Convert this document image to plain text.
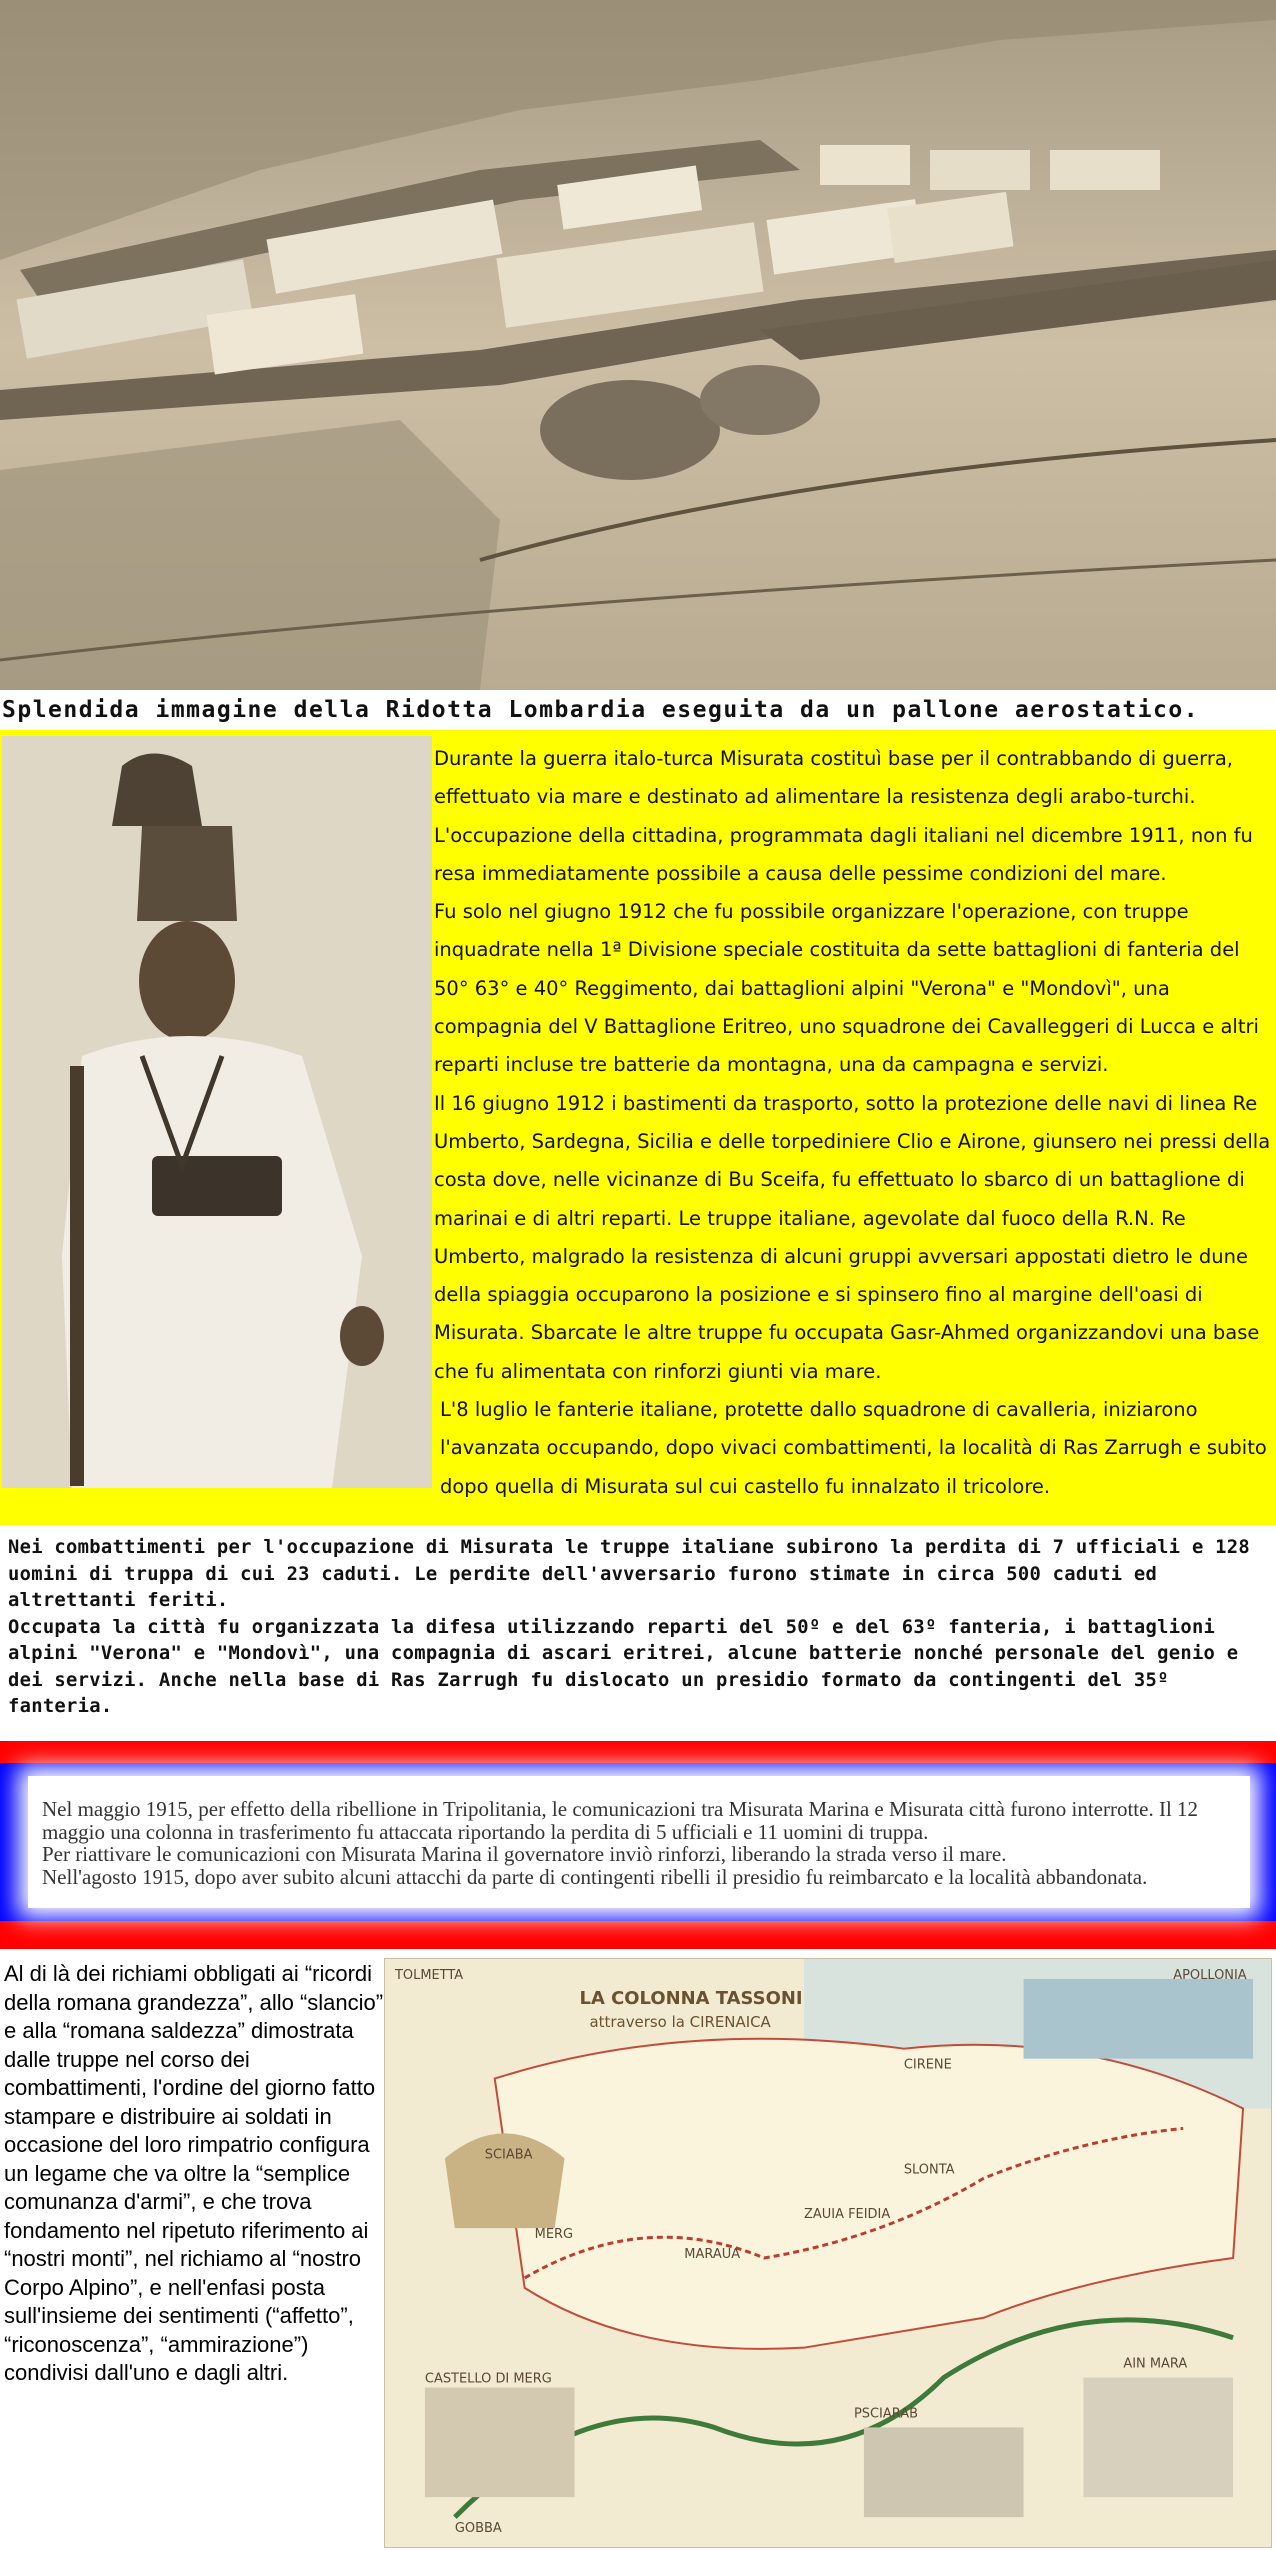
Splendida immagine della Ridotta Lombardia eseguita da un pallone aerostatico.

Durante la guerra italo-turca Misurata costituì base per il contrabbando di guerra, effettuato via mare e destinato ad alimentare la resistenza degli arabo-turchi.

L'occupazione della cittadina, programmata dagli italiani nel dicembre 1911, non fu resa immediatamente possibile a causa delle pessime condizioni del mare.

Fu solo nel giugno 1912 che fu possibile organizzare l'operazione, con truppe inquadrate nella 1ª Divisione speciale costituita da sette battaglioni di fanteria del 50° 63° e 40° Reggimento, dai battaglioni alpini "Verona" e "Mondovì", una compagnia del V Battaglione Eritreo, uno squadrone dei Cavalleggeri di Lucca e altri reparti incluse tre batterie da montagna, una da campagna e servizi.

Il 16 giugno 1912 i bastimenti da trasporto, sotto la protezione delle navi di linea Re Umberto, Sardegna, Sicilia e delle torpediniere Clio e Airone, giunsero nei pressi della costa dove, nelle vicinanze di Bu Sceifa, fu effettuato lo sbarco di un battaglione di marinai e di altri reparti. Le truppe italiane, agevolate dal fuoco della R.N. Re Umberto, malgrado la resistenza di alcuni gruppi avversari appostati dietro le dune della spiaggia occuparono la posizione e si spinsero fino al margine dell'oasi di Misurata. Sbarcate le altre truppe fu occupata Gasr-Ahmed organizzandovi una base che fu alimentata con rinforzi giunti via mare.

L'8 luglio le fanterie italiane, protette dallo squadrone di cavalleria, iniziarono l'avanzata occupando, dopo vivaci combattimenti, la località di Ras Zarrugh e subito dopo quella di Misurata sul cui castello fu innalzato il tricolore.

Nei combattimenti per l'occupazione di Misurata le truppe italiane subirono la perdita di 7 ufficiali e 128 uomini di truppa di cui 23 caduti. Le perdite dell'avversario furono stimate in circa 500 caduti ed altrettanti feriti.

Occupata la città fu organizzata la difesa utilizzando reparti del 50º e del 63º fanteria, i battaglioni alpini "Verona" e "Mondovì", una compagnia di ascari eritrei, alcune batterie nonché personale del genio e dei servizi. Anche nella base di Ras Zarrugh fu dislocato un presidio formato da contingenti del 35º fanteria.

Nel maggio 1915, per effetto della ribellione in Tripolitania, le comunicazioni tra Misurata Marina e Misurata città furono interrotte. Il 12 maggio una colonna in trasferimento fu attaccata riportando la perdita di 5 ufficiali e 11 uomini di truppa.

Per riattivare le comunicazioni con Misurata Marina il governatore inviò rinforzi, liberando la strada verso il mare.

Nell'agosto 1915, dopo aver subito alcuni attacchi da parte di contingenti ribelli il presidio fu reimbarcato e la località abbandonata.

Al di là dei richiami obbligati ai “ricordi della romana grandezza”, allo “slancio” e alla “romana saldezza” dimostrata dalle truppe nel corso dei combattimenti, l'ordine del giorno fatto stampare e distribuire ai soldati in occasione del loro rimpatrio configura un legame che va oltre la “semplice comunanza d'armi”, e che trova fondamento nel ripetuto riferimento ai “nostri monti”, nel richiamo al “nostro Corpo Alpino”, e nell'enfasi posta sull'insieme dei sentimenti (“affetto”, “riconoscenza”, “ammirazione”) condivisi dall'uno e dagli altri.

TOLMETTA	APOLLONIA
LA COLONNA TASSONI
attraverso la CIRENAICA
CIRENE
SLONTA
MERG
MARAUA
ZAUIA FEIDIA
SCIABA
CASTELLO DI MERG
GOBBA
PSCIARAB
AIN MARA
